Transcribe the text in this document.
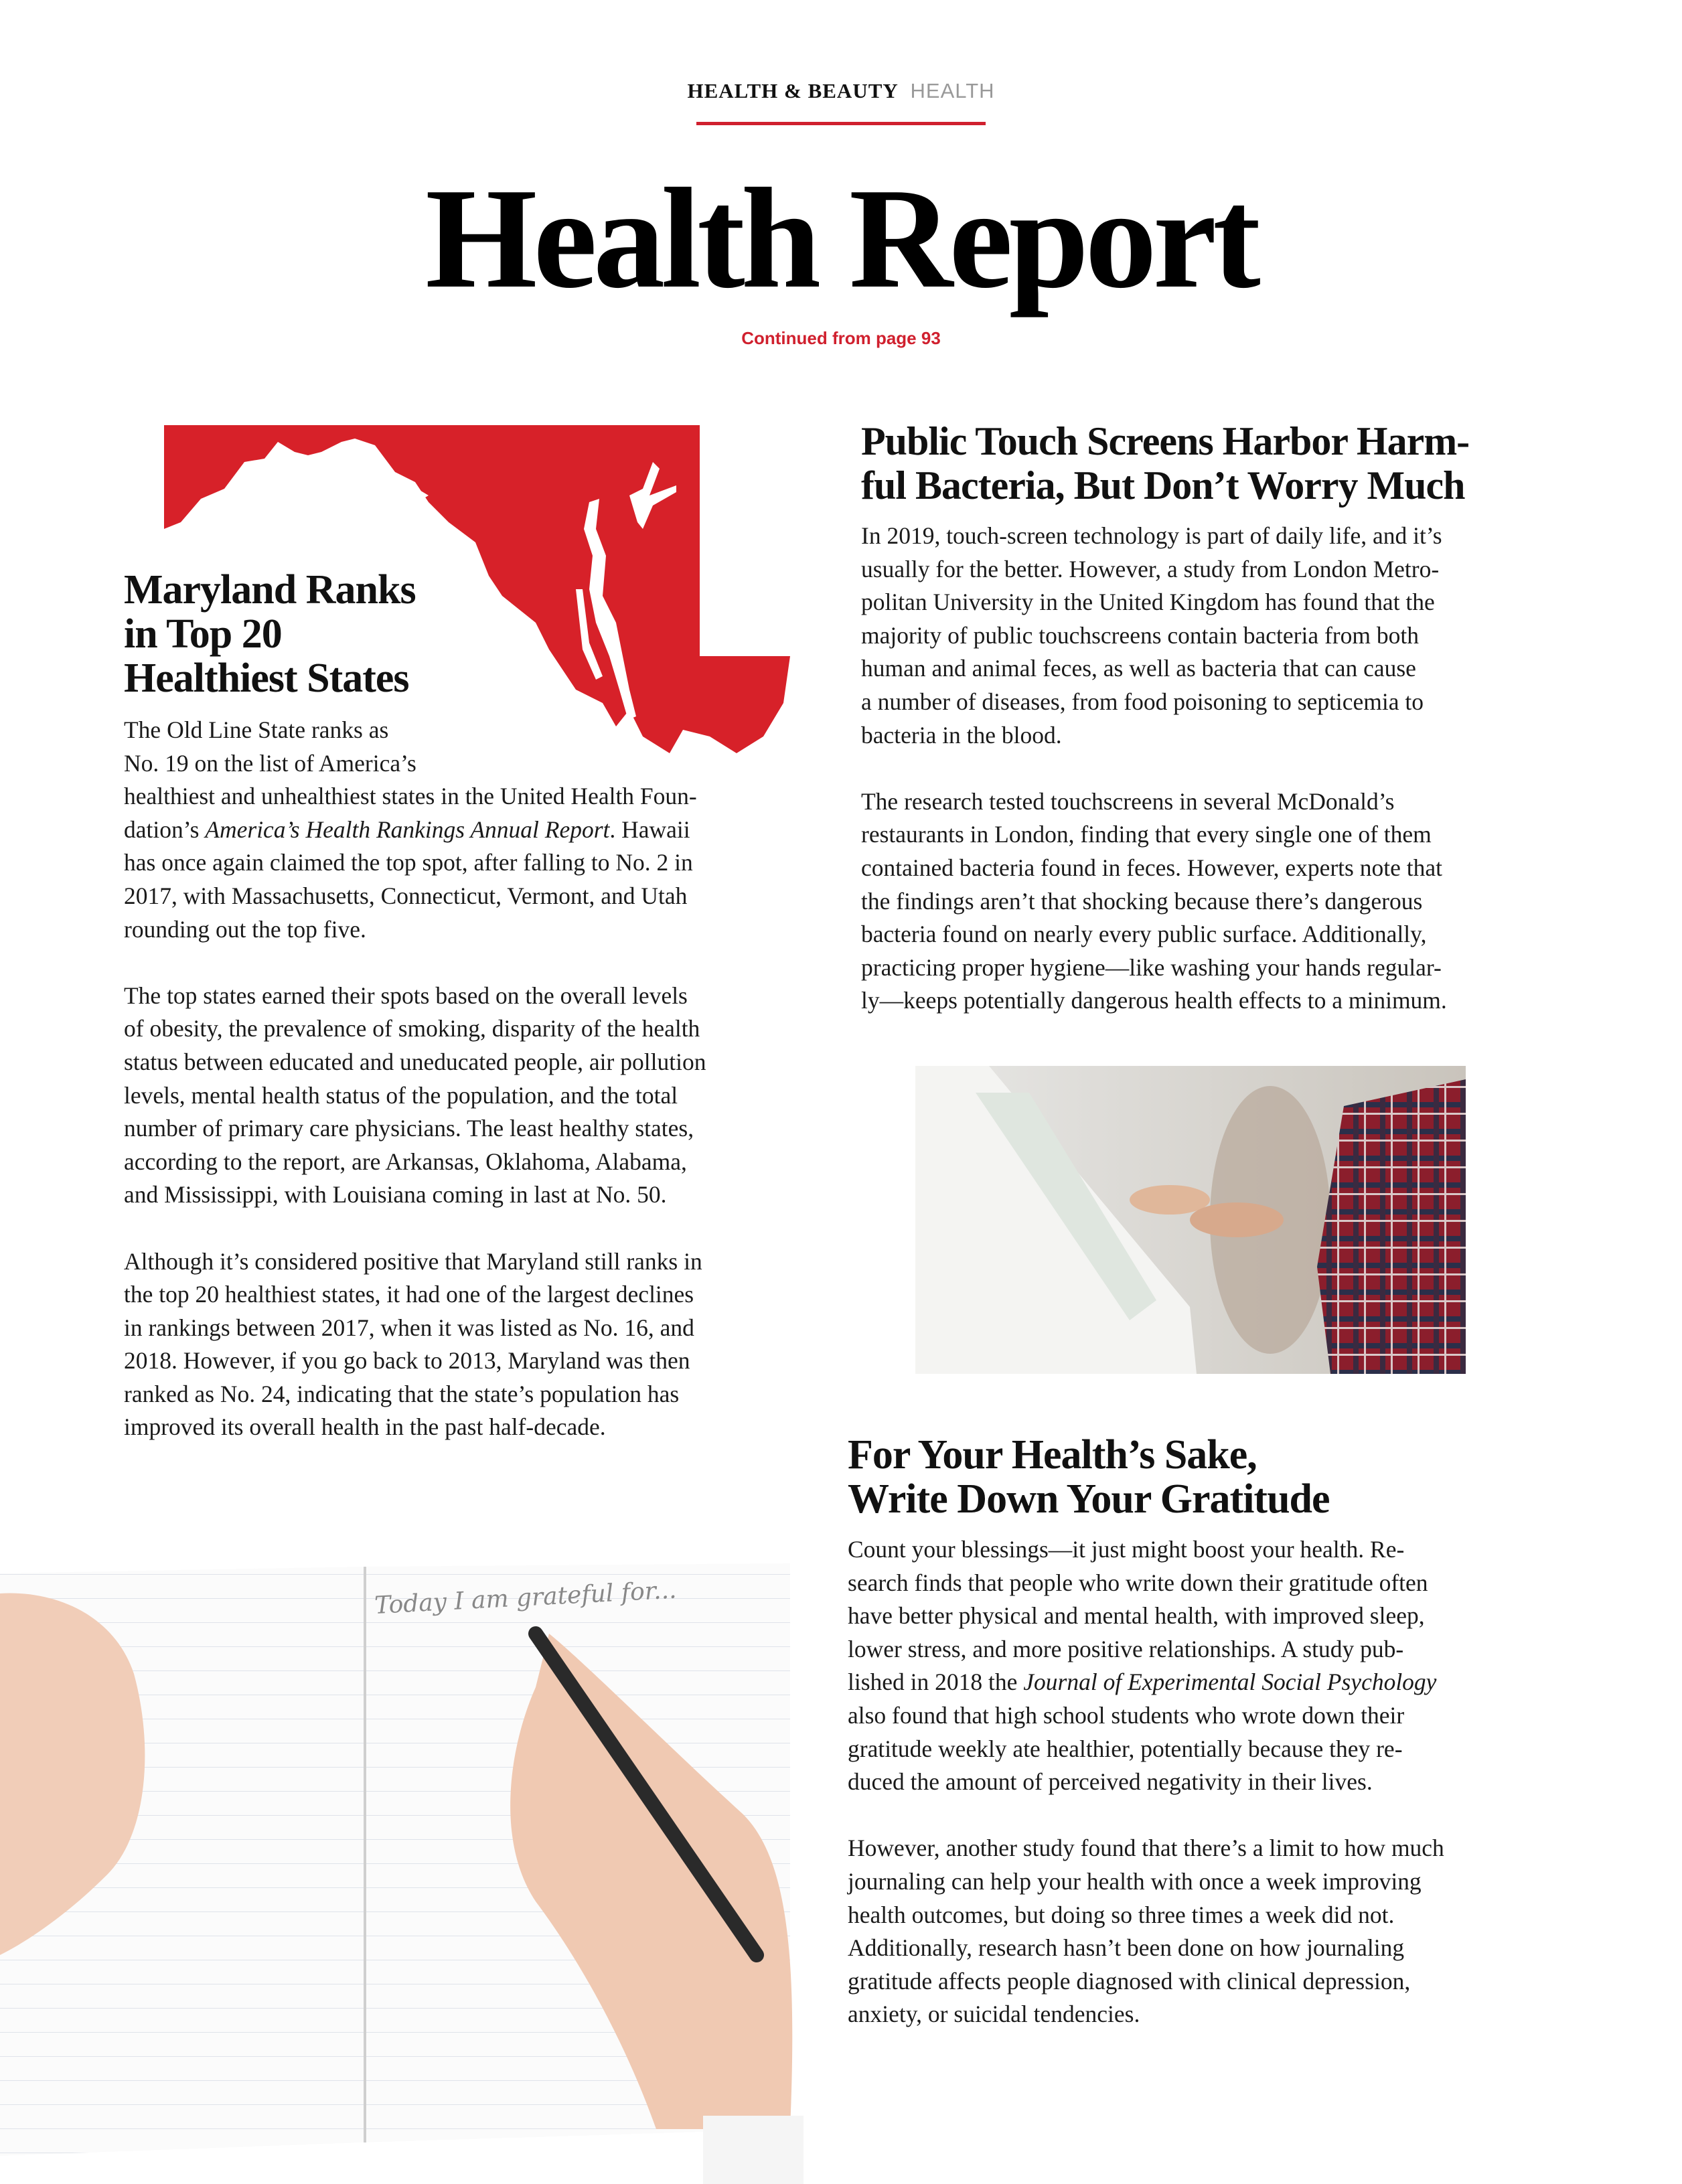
HEALTH & BEAUTY HEALTH
Health Report
Continued from page 93
Maryland Ranks
in Top 20
Healthiest States
The Old Line State ranks as
No. 19 on the list of America’s
healthiest and unhealthiest states in the United Health Foun-
dation’s America’s Health Rankings Annual Report. Hawaii
has once again claimed the top spot, after falling to No. 2 in
2017, with Massachusetts, Connecticut, Vermont, and Utah
rounding out the top five.
The top states earned their spots based on the overall levels
of obesity, the prevalence of smoking, disparity of the health
status between educated and uneducated people, air pollution
levels, mental health status of the population, and the total
number of primary care physicians. The least healthy states,
according to the report, are Arkansas, Oklahoma, Alabama,
and Mississippi, with Louisiana coming in last at No. 50.
Although it’s considered positive that Maryland still ranks in
the top 20 healthiest states, it had one of the largest declines
in rankings between 2017, when it was listed as No. 16, and
2018. However, if you go back to 2013, Maryland was then
ranked as No. 24, indicating that the state’s population has
improved its overall health in the past half-decade.
Public Touch Screens Harbor Harm-
ful Bacteria, But Don’t Worry Much
In 2019, touch-screen technology is part of daily life, and it’s
usually for the better. However, a study from London Metro-
politan University in the United Kingdom has found that the
majority of public touchscreens contain bacteria from both
human and animal feces, as well as bacteria that can cause
a number of diseases, from food poisoning to septicemia to
bacteria in the blood.
The research tested touchscreens in several McDonald’s
restaurants in London, finding that every single one of them
contained bacteria found in feces. However, experts note that
the findings aren’t that shocking because there’s dangerous
bacteria found on nearly every public surface. Additionally,
practicing proper hygiene—like washing your hands regular-
ly—keeps potentially dangerous health effects to a minimum.
For Your Health’s Sake,
Write Down Your Gratitude
Count your blessings—it just might boost your health. Re-
search finds that people who write down their gratitude often
have better physical and mental health, with improved sleep,
lower stress, and more positive relationships. A study pub-
lished in 2018 the Journal of Experimental Social Psychology
also found that high school students who wrote down their
gratitude weekly ate healthier, potentially because they re-
duced the amount of perceived negativity in their lives.
However, another study found that there’s a limit to how much
journaling can help your health with once a week improving
health outcomes, but doing so three times a week did not.
Additionally, research hasn’t been done on how journaling
gratitude affects people diagnosed with clinical depression,
anxiety, or suicidal tendencies.
Today I am grateful for...
